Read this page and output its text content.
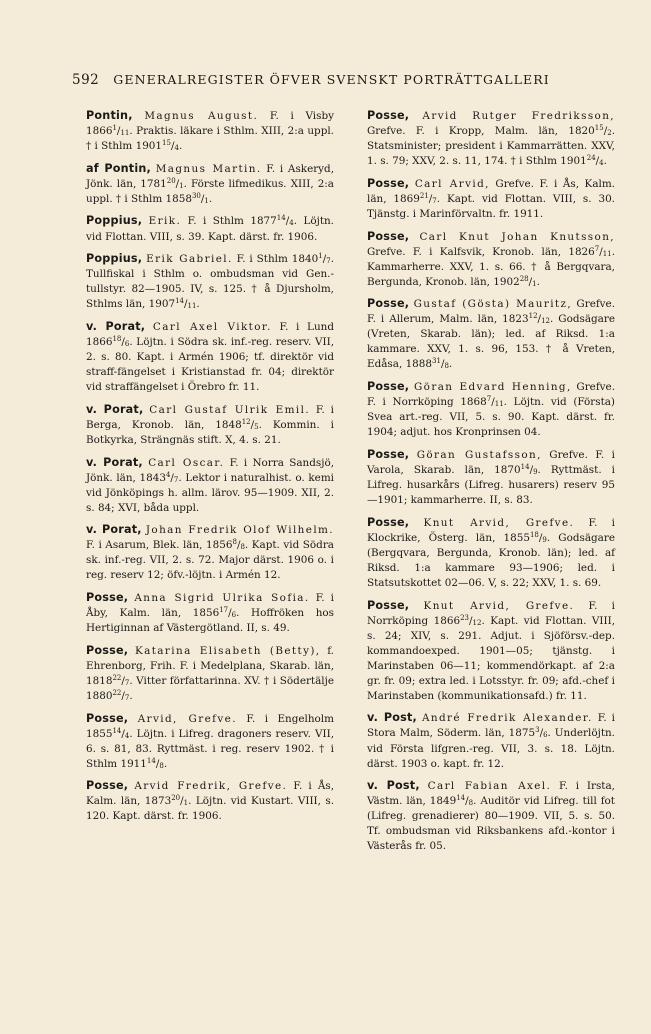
592 GENERALREGISTER ÖFVER SVENSKT PORTRÄTTGALLERI

Pontin, Magnus August. F. i Visby $1866^1/_{11}$. Praktis. läkare i Sthlm. XIII, 2:a uppl. † i Sthlm $1901^{15}/_4$.

af Pontin, Magnus Martin. F. i Askeryd, Jönk. län, $1781^{20}/_1$. Förste lifmedikus. XIII, 2:a uppl. † i Sthlm $1858^{30}/_1$.

Poppius, Erik. F. i Sthlm $1877^{14}/_4$. Löjtn. vid Flottan. VIII, s. 39. Kapt. därst. fr. 1906.

Poppius, Erik Gabriel. F. i Sthlm $1840^1/_7$. Tullfiskal i Sthlm o. ombudsman vid Gen.-tullstyr. 82—1905. IV, s. 125. † å Djursholm, Sthlms län, $1907^{14}/_{11}$.

v. Porat, Carl Axel Viktor. F. i Lund $1866^{18}/_6$. Löjtn. i Södra sk. inf.-reg. reserv. VII, 2. s. 80. Kapt. i Armén 1906; tf. direktör vid straff-fängelset i Kristianstad fr. 04; direktör vid straffängelset i Örebro fr. 11.

v. Porat, Carl Gustaf Ulrik Emil. F. i Berga, Kronob. län, $1848^{12}/_5$. Kommin. i Botkyrka, Strängnäs stift. X, 4. s. 21.

v. Porat, Carl Oscar. F. i Norra Sandsjö, Jönk. län, $1843^4/_7$. Lektor i naturalhist. o. kemi vid Jönköpings h. allm. lärov. 95—1909. XII, 2. s. 84; XVI, båda uppl.

v. Porat, Johan Fredrik Olof Wilhelm. F. i Asarum, Blek. län, $1856^8/_8$. Kapt. vid Södra sk. inf.-reg. VII, 2. s. 72. Major därst. 1906 o. i reg. reserv 12; öfv.-löjtn. i Armén 12.

Posse, Anna Sigrid Ulrika Sofia. F. i Åby, Kalm. län, $1856^{17}/_6$. Hoffröken hos Hertiginnan af Västergötland. II, s. 49.

Posse, Katarina Elisabeth (Betty), f. Ehrenborg, Frih. F. i Medelplana, Skarab. län, $1818^{22}/_7$. Vitter författarinna. XV. † i Södertälje $1880^{22}/_7$.

Posse, Arvid, Grefve. F. i Engelholm $1855^{14}/_4$. Löjtn. i Lifreg. dragoners reserv. VII, 6. s. 81, 83. Ryttmäst. i reg. reserv 1902. † i Sthlm $1911^{14}/_8$.

Posse, Arvid Fredrik, Grefve. F. i Ås, Kalm. län, $1873^{20}/_1$. Löjtn. vid Kustart. VIII, s. 120. Kapt. därst. fr. 1906.

Posse, Arvid Rutger Fredriksson, Grefve. F. i Kropp, Malm. län, $1820^{15}/_2$. Statsminister; president i Kammarrätten. XXV, 1. s. 79; XXV, 2. s. 11, 174. † i Sthlm $1901^{24}/_4$.

Posse, Carl Arvid, Grefve. F. i Ås, Kalm. län, $1869^{21}/_7$. Kapt. vid Flottan. VIII, s. 30. Tjänstg. i Marinförvaltn. fr. 1911.

Posse, Carl Knut Johan Knutsson, Grefve. F. i Kalfsvik, Kronob. län, $1826^7/_{11}$. Kammarherre. XXV, 1. s. 66. † å Bergqvara, Bergunda, Kronob. län, $1902^{28}/_1$.

Posse, Gustaf (Gösta) Mauritz, Grefve. F. i Allerum, Malm. län, $1823^{12}/_{12}$. Godsägare (Vreten, Skarab. län); led. af Riksd. 1:a kammare. XXV, 1. s. 96, 153. † å Vreten, Edåsa, $1888^{31}/_8$.

Posse, Göran Edvard Henning, Grefve. F. i Norrköping $1868^7/_{11}$. Löjtn. vid (Första) Svea art.-reg. VII, 5. s. 90. Kapt. därst. fr. 1904; adjut. hos Kronprinsen 04.

Posse, Göran Gustafsson, Grefve. F. i Varola, Skarab. län, $1870^{14}/_9$. Ryttmäst. i Lifreg. husarkårs (Lifreg. husarers) reserv 95—1901; kammarherre. II, s. 83.

Posse, Knut Arvid, Grefve. F. i Klockrike, Österg. län, $1855^{18}/_9$. Godsägare (Bergqvara, Bergunda, Kronob. län); led. af Riksd. 1:a kammare 93—1906; led. i Statsutskottet 02—06. V, s. 22; XXV, 1. s. 69.

Posse, Knut Arvid, Grefve. F. i Norrköping $1866^{23}/_{12}$. Kapt. vid Flottan. VIII, s. 24; XIV, s. 291. Adjut. i Sjöförsv.-dep. kommandoexped. 1901—05; tjänstg. i Marinstaben 06—11; kommendörkapt. af 2:a gr. fr. 09; extra led. i Lotsstyr. fr. 09; afd.-chef i Marinstaben (kommunikationsafd.) fr. 11.

v. Post, André Fredrik Alexander. F. i Stora Malm, Söderm. län, $1875^3/_6$. Underlöjtn. vid Första lifgren.-reg. VII, 3. s. 18. Löjtn. därst. 1903 o. kapt. fr. 12.

v. Post, Carl Fabian Axel. F. i Irsta, Västm. län, $1849^{14}/_8$. Auditör vid Lifreg. till fot (Lifreg. grenadierer) 80—1909. VII, 5. s. 50. Tf. ombudsman vid Riksbankens afd.-kontor i Västerås fr. 05.
